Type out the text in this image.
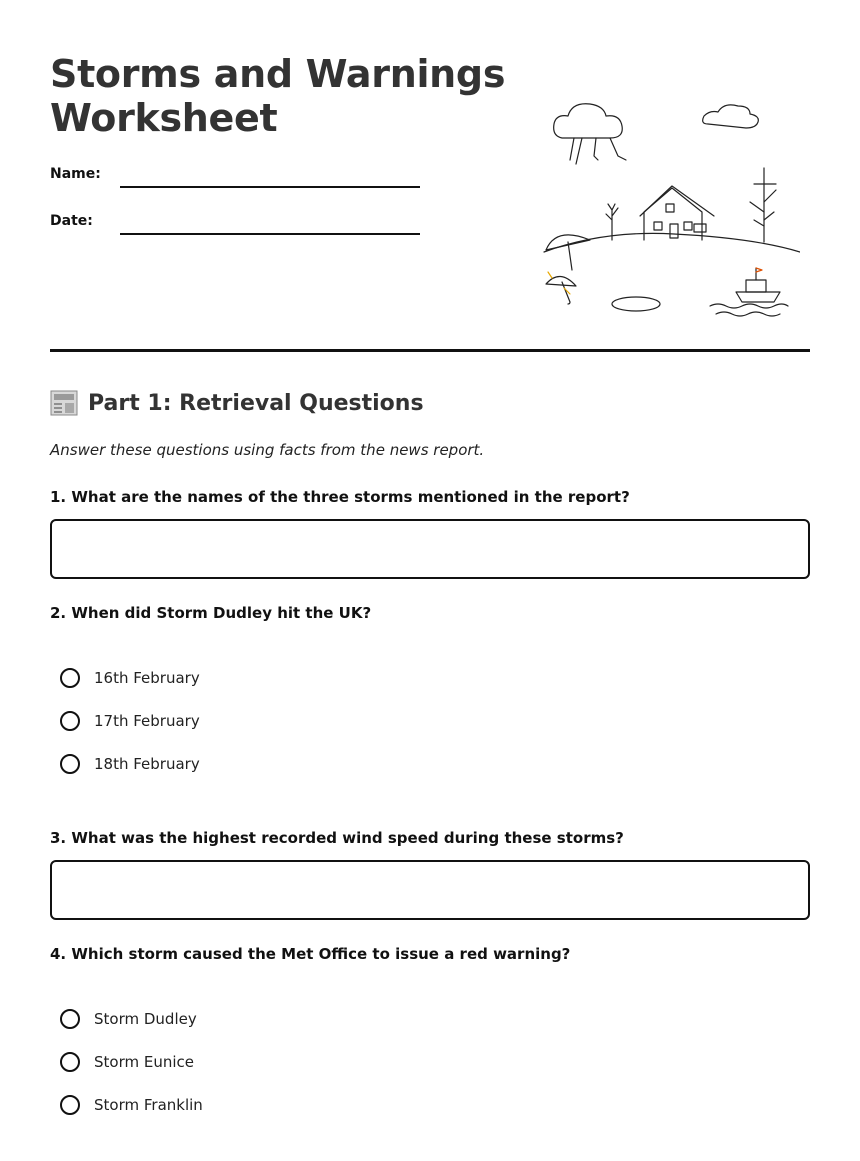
Storms and Warnings
Worksheet
Name:
Date:
Part 1: Retrieval Questions
Answer these questions using facts from the news report.
1. What are the names of the three storms mentioned in the report?
2. When did Storm Dudley hit the UK?
16th February
17th February
18th February
3. What was the highest recorded wind speed during these storms?
4. Which storm caused the Met Office to issue a red warning?
Storm Dudley
Storm Eunice
Storm Franklin
